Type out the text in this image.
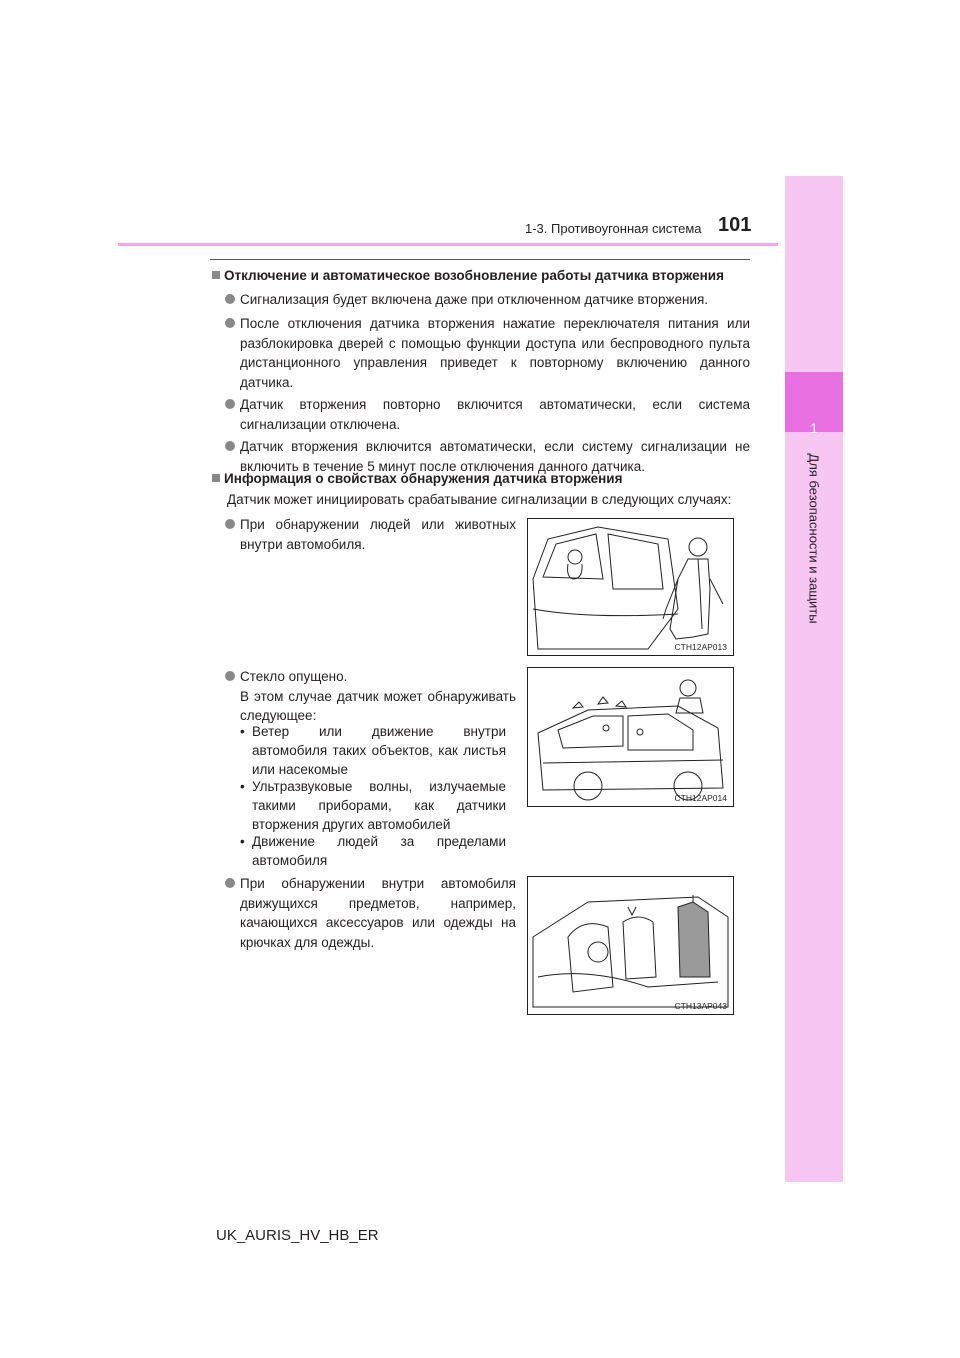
1
Для безопасности и защиты
1-3. Противоугонная система 101
Отключение и автоматическое возобновление работы датчика вторжения
Сигнализация будет включена даже при отключенном датчике вторжения.
После отключения датчика вторжения нажатие переключателя питания или разблокировка дверей с помощью функции доступа или беспроводного пульта дистанционного управления приведет к повторному включению данного датчика.
Датчик вторжения повторно включится автоматически, если система сигнализации отключена.
Датчик вторжения включится автоматически, если систему сигнализации не включить в течение 5 минут после отключения данного датчика.
Информация о свойствах обнаружения датчика вторжения
Датчик может инициировать срабатывание сигнализации в следующих случаях:
При обнаружении людей или животных внутри автомобиля.
CTH12AP013
Стекло опущено.
В этом случае датчик может обнаруживать следующее:
• Ветер или движение внутри автомобиля таких объектов, как листья или насекомые
• Ультразвуковые волны, излучаемые такими приборами, как датчики вторжения других автомобилей
• Движение людей за пределами автомобиля
CTH12AP014
При обнаружении внутри автомобиля движущихся предметов, например, качающихся аксессуаров или одежды на крючках для одежды.
CTH13AP043
UK_AURIS_HV_HB_ER
